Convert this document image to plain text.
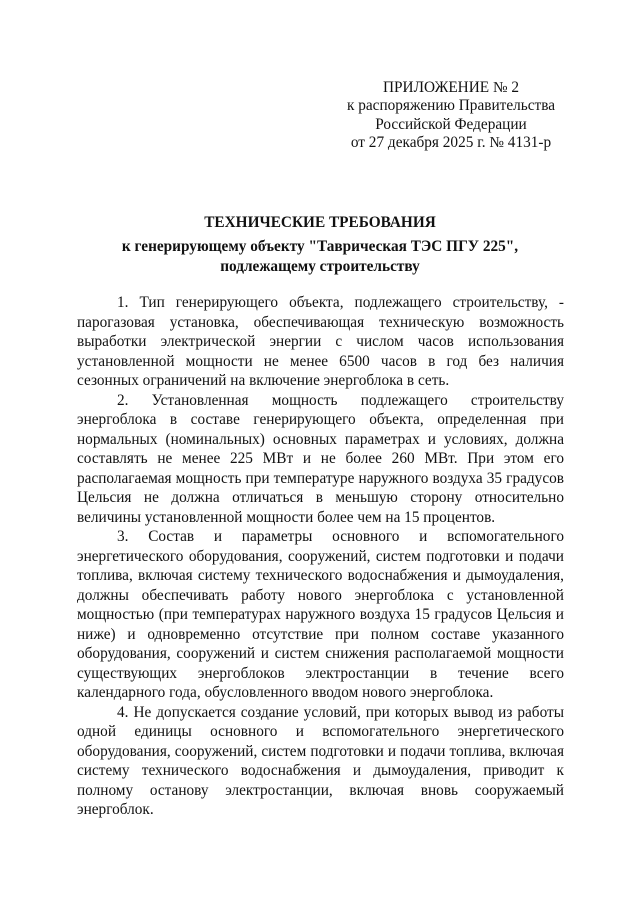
ПРИЛОЖЕНИЕ № 2
к распоряжению Правительства
Российской Федерации
от 27 декабря 2025 г. № 4131-р
ТЕХНИЧЕСКИЕ ТРЕБОВАНИЯ
к генерирующему объекту "Таврическая ТЭС ПГУ 225",
подлежащему строительству

1. Тип генерирующего объекта, подлежащего строительству, - парогазовая установка, обеспечивающая техническую возможность выработки электрической энергии с числом часов использования установленной мощности не менее 6500 часов в год без наличия сезонных ограничений на включение энергоблока в сеть.

2. Установленная мощность подлежащего строительству энергоблока в составе генерирующего объекта, определенная при нормальных (номинальных) основных параметрах и условиях, должна составлять не менее 225 МВт и не более 260 МВт. При этом его располагаемая мощность при температуре наружного воздуха 35 градусов Цельсия не должна отличаться в меньшую сторону относительно величины установленной мощности более чем на 15 процентов.

3. Состав и параметры основного и вспомогательного энергетического оборудования, сооружений, систем подготовки и подачи топлива, включая систему технического водоснабжения и дымоудаления, должны обеспечивать работу нового энергоблока с установленной мощностью (при температурах наружного воздуха 15 градусов Цельсия и ниже) и одновременно отсутствие при полном составе указанного оборудования, сооружений и систем снижения располагаемой мощности существующих энергоблоков электростанции в течение всего календарного года, обусловленного вводом нового энергоблока.

4. Не допускается создание условий, при которых вывод из работы одной единицы основного и вспомогательного энергетического оборудования, сооружений, систем подготовки и подачи топлива, включая систему технического водоснабжения и дымоудаления, приводит к полному останову электростанции, включая вновь сооружаемый энергоблок.
